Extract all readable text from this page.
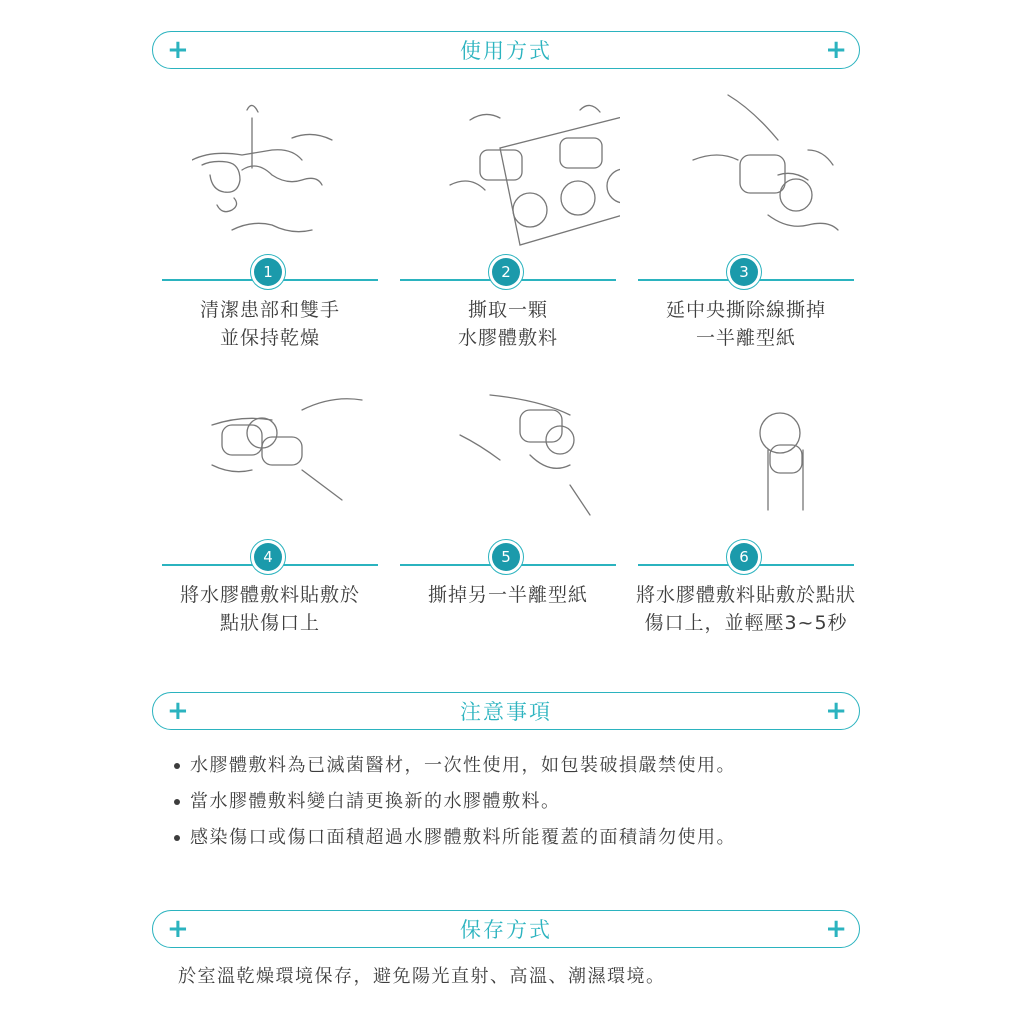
+	使用方式	+
1
清潔患部和雙手
並保持乾燥
2
撕取一顆
水膠體敷料
3
延中央撕除線撕掉
一半離型紙
4
將水膠體敷料貼敷於
點狀傷口上
5
撕掉另一半離型紙
6
將水膠體敷料貼敷於點狀
傷口上，並輕壓3~5秒
+	注意事項	+
水膠體敷料為已滅菌醫材，一次性使用，如包裝破損嚴禁使用。
當水膠體敷料變白請更換新的水膠體敷料。
感染傷口或傷口面積超過水膠體敷料所能覆蓋的面積請勿使用。
+	保存方式	+
於室溫乾燥環境保存，避免陽光直射、高溫、潮濕環境。
